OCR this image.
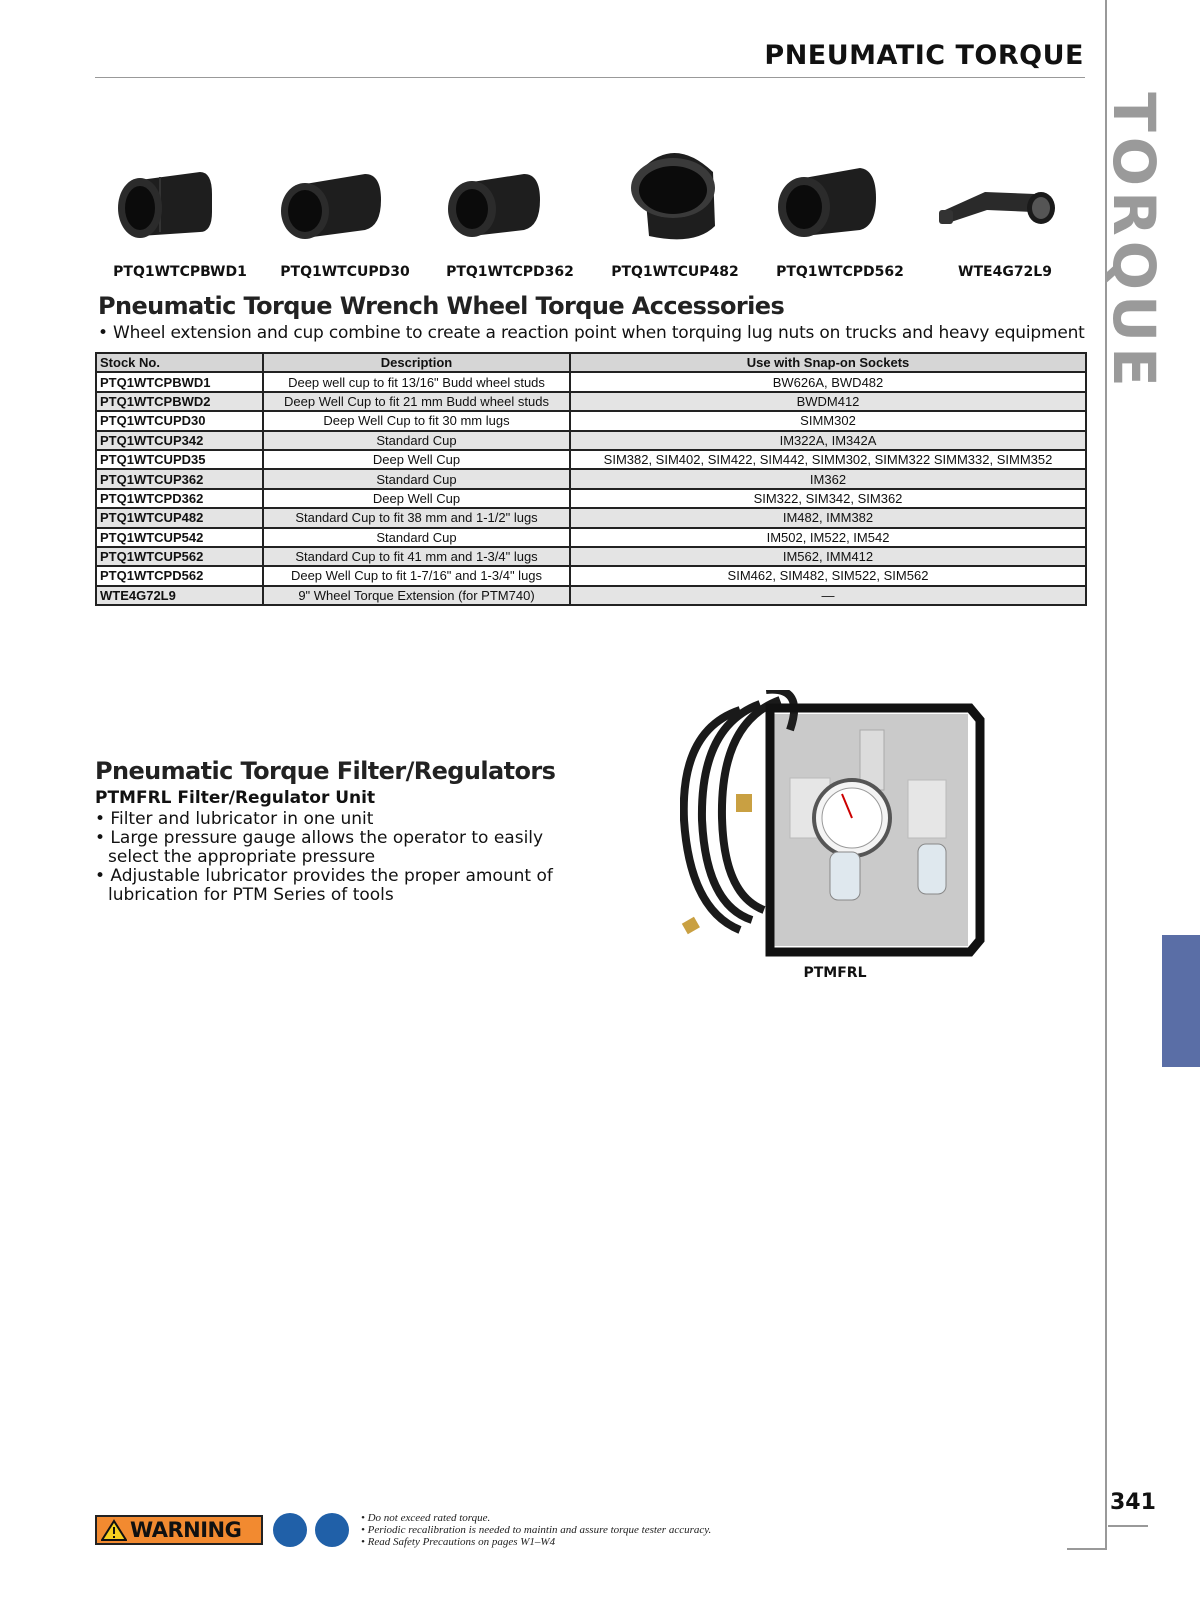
PNEUMATIC TORQUE
TORQUE
PTQ1WTCPBWD1	PTQ1WTCUPD30	PTQ1WTCPD362	PTQ1WTCUP482	PTQ1WTCPD562	WTE4G72L9
Pneumatic Torque Wrench Wheel Torque Accessories
• Wheel extension and cup combine to create a reaction point when torquing lug nuts on trucks and heavy equipment
Stock No.	Description	Use with Snap-on Sockets
PTQ1WTCPBWD1	Deep well cup to fit 13/16" Budd wheel studs	BW626A, BWD482
PTQ1WTCPBWD2	Deep Well Cup to fit 21 mm Budd wheel studs	BWDM412
PTQ1WTCUPD30	Deep Well Cup to fit 30 mm lugs	SIMM302
PTQ1WTCUP342	Standard Cup	IM322A, IM342A
PTQ1WTCUPD35	Deep Well Cup	SIM382, SIM402, SIM422, SIM442, SIMM302, SIMM322 SIMM332, SIMM352
PTQ1WTCUP362	Standard Cup	IM362
PTQ1WTCPD362	Deep Well Cup	SIM322, SIM342, SIM362
PTQ1WTCUP482	Standard Cup to fit 38 mm and 1-1/2" lugs	IM482, IMM382
PTQ1WTCUP542	Standard Cup	IM502, IM522, IM542
PTQ1WTCUP562	Standard Cup to fit 41 mm and 1-3/4" lugs	IM562, IMM412
PTQ1WTCPD562	Deep Well Cup to fit 1-7/16" and 1-3/4" lugs	SIM462, SIM482, SIM522, SIM562
WTE4G72L9	9" Wheel Torque Extension (for PTM740)	—
Pneumatic Torque Filter/Regulators
PTMFRL Filter/Regulator Unit
• Filter and lubricator in one unit
• Large pressure gauge allows the operator to easily select the appropriate pressure
• Adjustable lubricator provides the proper amount of lubrication for PTM Series of tools
PTMFRL
WARNING	• Do not exceed rated torque.
• Periodic recalibration is needed to maintin and assure torque tester accuracy.
• Read Safety Precautions on pages W1–W4
341
